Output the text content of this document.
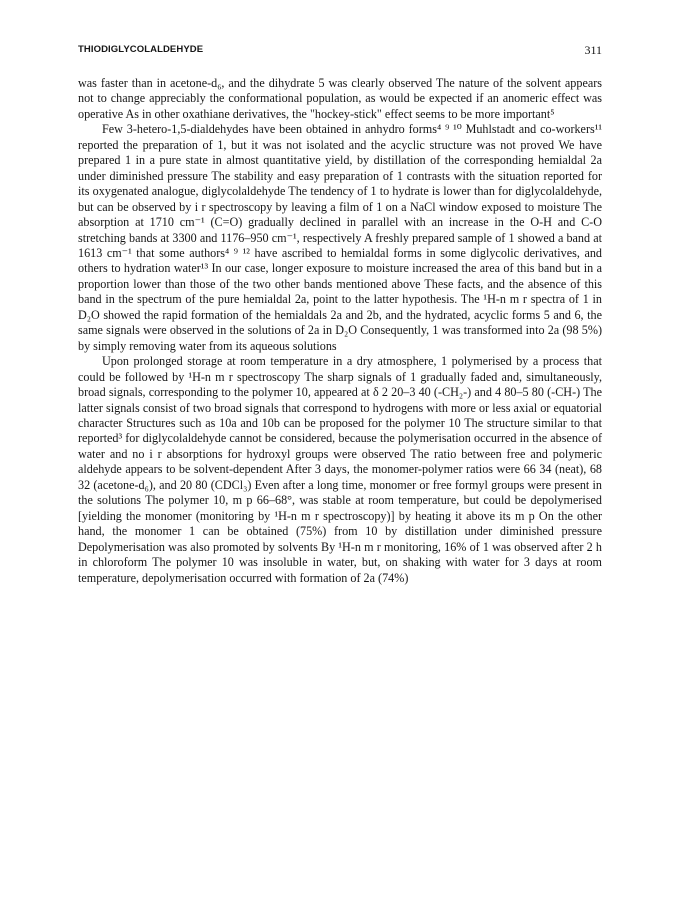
THIODIGLYCOLALDEHYDE	311

was faster than in acetone-d₆, and the dihydrate 5 was clearly observed The nature of the solvent appears not to change appreciably the conformational population, as would be expected if an anomeric effect was operative As in other oxathiane derivatives, the "hockey-stick" effect seems to be more important⁵

Few 3-hetero-1,5-dialdehydes have been obtained in anhydro forms⁴ ⁹ ¹⁰ Muhlstadt and co-workers¹¹ reported the preparation of 1, but it was not isolated and the acyclic structure was not proved We have prepared 1 in a pure state in almost quantitative yield, by distillation of the corresponding hemialdal 2a under diminished pressure The stability and easy preparation of 1 contrasts with the situation reported for its oxygenated analogue, diglycolaldehyde The tendency of 1 to hydrate is lower than for diglycolaldehyde, but can be observed by i r spectroscopy by leaving a film of 1 on a NaCl window exposed to moisture The absorption at 1710 cm⁻¹ (C=O) gradually declined in parallel with an increase in the O-H and C-O stretching bands at 3300 and 1176–950 cm⁻¹, respectively A freshly prepared sample of 1 showed a band at 1613 cm⁻¹ that some authors⁴ ⁹ ¹² have ascribed to hemialdal forms in some diglycolic derivatives, and others to hydration water¹³ In our case, longer exposure to moisture increased the area of this band but in a proportion lower than those of the two other bands mentioned above These facts, and the absence of this band in the spectrum of the pure hemialdal 2a, point to the latter hypothesis. The ¹H-n m r spectra of 1 in D₂O showed the rapid formation of the hemialdals 2a and 2b, and the hydrated, acyclic forms 5 and 6, the same signals were observed in the solutions of 2a in D₂O Consequently, 1 was transformed into 2a (98 5%) by simply removing water from its aqueous solutions

Upon prolonged storage at room temperature in a dry atmosphere, 1 polymerised by a process that could be followed by ¹H-n m r spectroscopy The sharp signals of 1 gradually faded and, simultaneously, broad signals, corresponding to the polymer 10, appeared at δ 2 20–3 40 (-CH₂-) and 4 80–5 80 (-CH-) The latter signals consist of two broad signals that correspond to hydrogens with more or less axial or equatorial character Structures such as 10a and 10b can be proposed for the polymer 10 The structure similar to that reported³ for diglycolaldehyde cannot be considered, because the polymerisation occurred in the absence of water and no i r absorptions for hydroxyl groups were observed The ratio between free and polymeric aldehyde appears to be solvent-dependent After 3 days, the monomer-polymer ratios were 66 34 (neat), 68 32 (acetone-d₆), and 20 80 (CDCl₃) Even after a long time, monomer or free formyl groups were present in the solutions The polymer 10, m p 66–68°, was stable at room temperature, but could be depolymerised [yielding the monomer (monitoring by ¹H-n m r spectroscopy)] by heating it above its m p On the other hand, the monomer 1 can be obtained (75%) from 10 by distillation under diminished pressure Depolymerisation was also promoted by solvents By ¹H-n m r monitoring, 16% of 1 was observed after 2 h in chloroform The polymer 10 was insoluble in water, but, on shaking with water for 3 days at room temperature, depolymerisation occurred with formation of 2a (74%)
